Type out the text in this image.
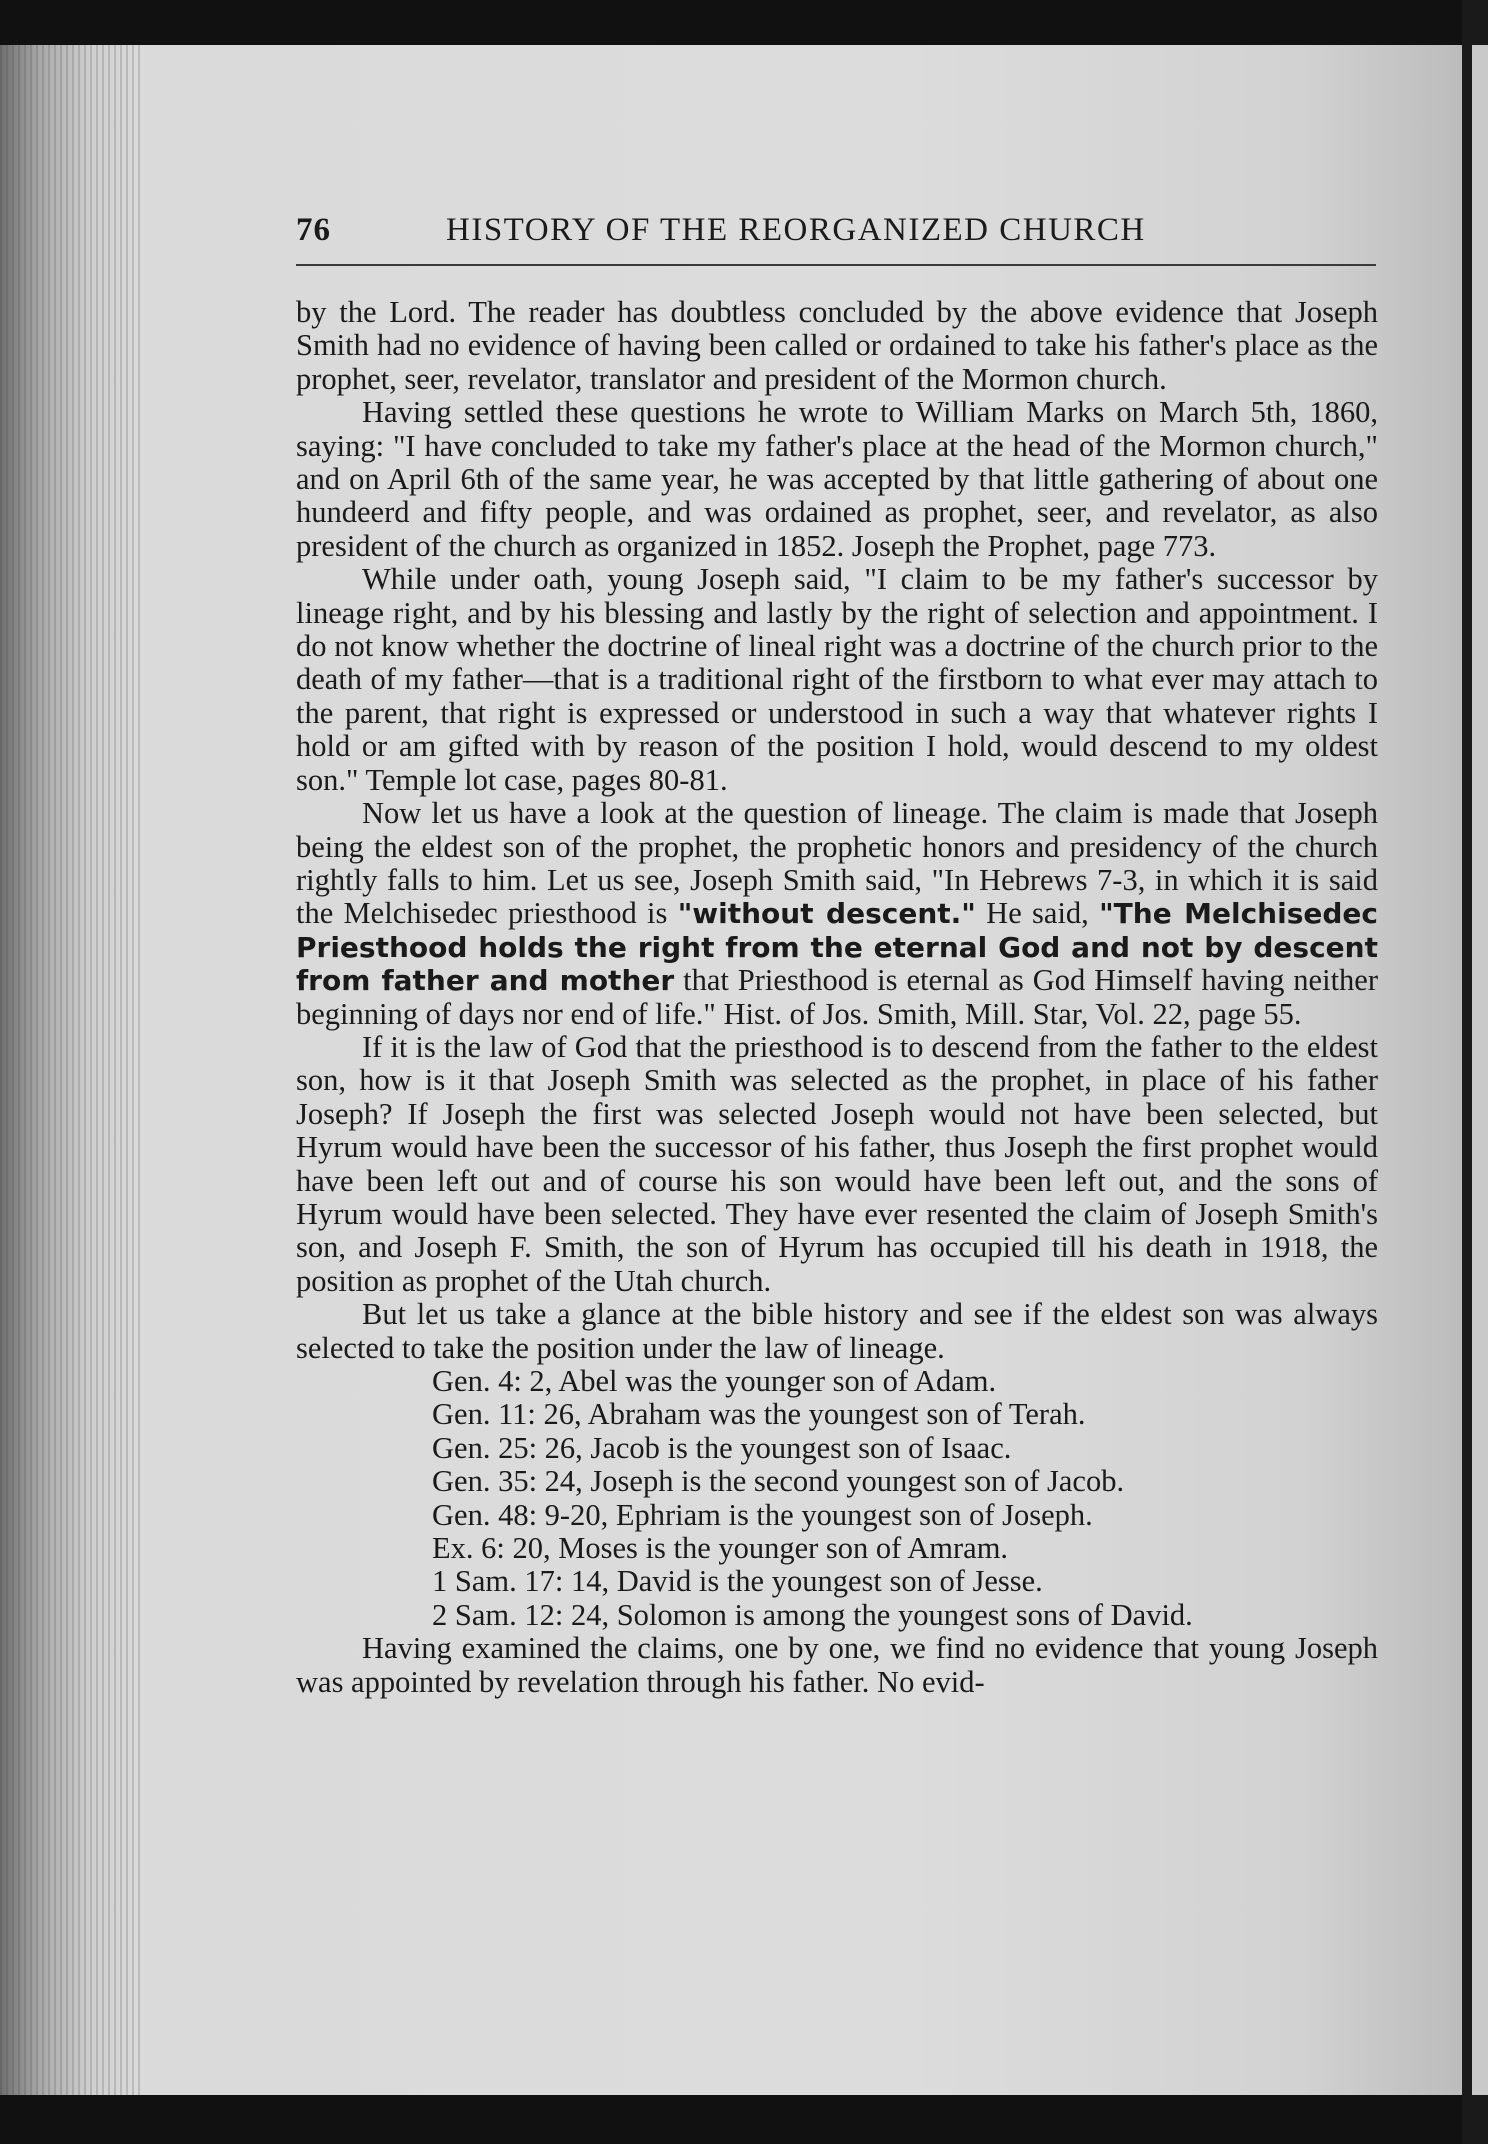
76	HISTORY OF THE REORGANIZED CHURCH

by the Lord. The reader has doubtless concluded by the above evidence that Joseph Smith had no evidence of having been called or ordained to take his father's place as the prophet, seer, revelator, translator and president of the Mormon church.

Having settled these questions he wrote to William Marks on March 5th, 1860, saying: "I have concluded to take my father's place at the head of the Mormon church," and on April 6th of the same year, he was accepted by that little gathering of about one hundeerd and fifty people, and was ordained as prophet, seer, and revelator, as also president of the church as organized in 1852. Joseph the Prophet, page 773.

While under oath, young Joseph said, "I claim to be my father's successor by lineage right, and by his blessing and lastly by the right of selection and appointment. I do not know whether the doctrine of lineal right was a doctrine of the church prior to the death of my father—that is a traditional right of the firstborn to what ever may attach to the parent, that right is expressed or understood in such a way that whatever rights I hold or am gifted with by reason of the position I hold, would descend to my oldest son." Temple lot case, pages 80-81.

Now let us have a look at the question of lineage. The claim is made that Joseph being the eldest son of the prophet, the prophetic honors and presidency of the church rightly falls to him. Let us see, Joseph Smith said, "In Hebrews 7-3, in which it is said the Melchisedec priesthood is "without descent." He said, "The Melchisedec Priesthood holds the right from the eternal God and not by descent from father and mother that Priesthood is eternal as God Himself having neither beginning of days nor end of life." Hist. of Jos. Smith, Mill. Star, Vol. 22, page 55.

If it is the law of God that the priesthood is to descend from the father to the eldest son, how is it that Joseph Smith was selected as the prophet, in place of his father Joseph? If Joseph the first was selected Joseph would not have been selected, but Hyrum would have been the successor of his father, thus Joseph the first prophet would have been left out and of course his son would have been left out, and the sons of Hyrum would have been selected. They have ever resented the claim of Joseph Smith's son, and Joseph F. Smith, the son of Hyrum has occupied till his death in 1918, the position as prophet of the Utah church.

But let us take a glance at the bible history and see if the eldest son was always selected to take the position under the law of lineage.

Gen. 4: 2, Abel was the younger son of Adam.
Gen. 11: 26, Abraham was the youngest son of Terah.
Gen. 25: 26, Jacob is the youngest son of Isaac.
Gen. 35: 24, Joseph is the second youngest son of Jacob.
Gen. 48: 9-20, Ephriam is the youngest son of Joseph.
Ex. 6: 20, Moses is the younger son of Amram.
1 Sam. 17: 14, David is the youngest son of Jesse.
2 Sam. 12: 24, Solomon is among the youngest sons of David.

Having examined the claims, one by one, we find no evidence that young Joseph was appointed by revelation through his father. No evid-
